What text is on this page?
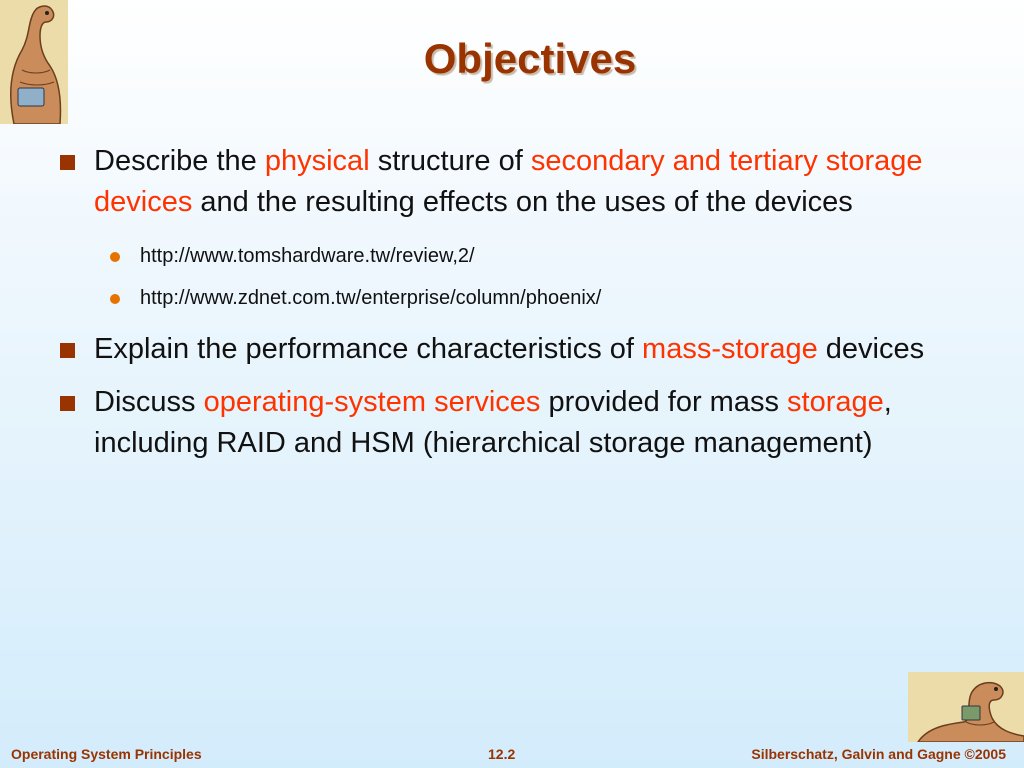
Objectives
Describe the physical structure of secondary and tertiary storage devices and the resulting effects on the uses of the devices
http://www.tomshardware.tw/review,2/
http://www.zdnet.com.tw/enterprise/column/phoenix/
Explain the performance characteristics of mass-storage devices
Discuss operating-system services provided for mass storage, including RAID and HSM (hierarchical storage management)
Operating System Principles	12.2	Silberschatz, Galvin and Gagne ©2005
